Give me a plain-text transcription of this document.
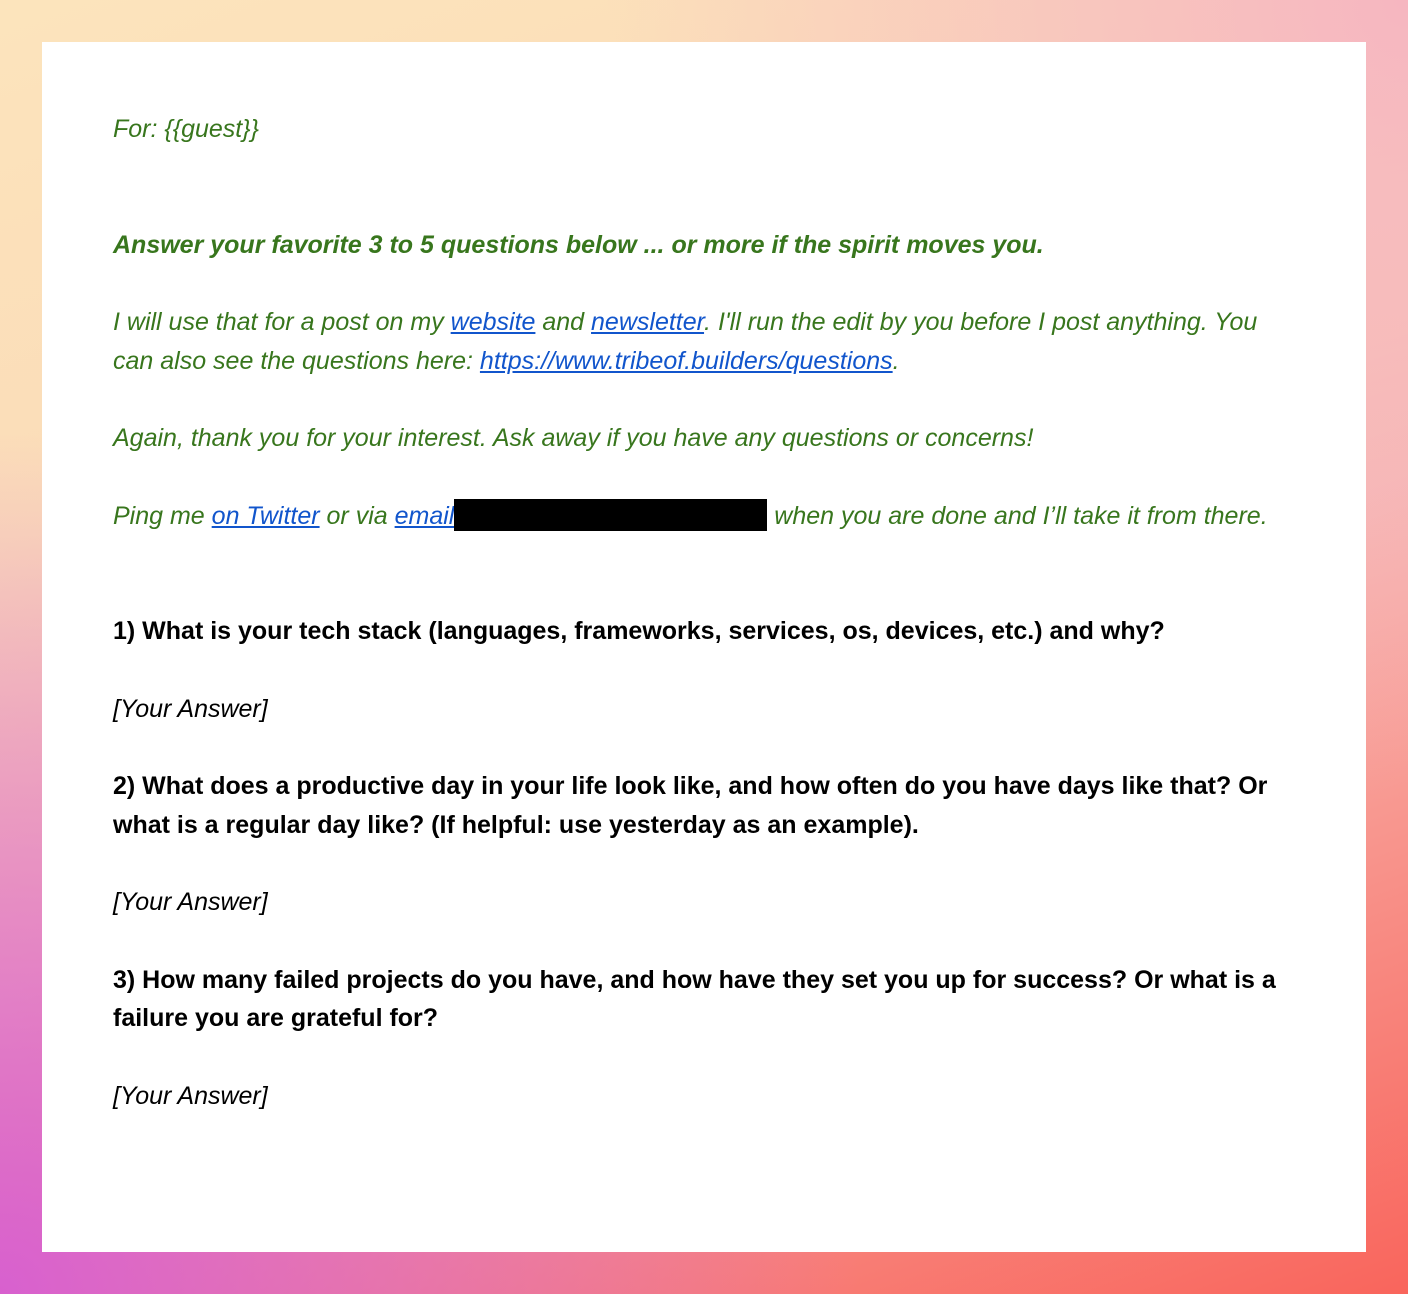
For: {{guest}}

Answer your favorite 3 to 5 questions below ... or more if the spirit moves you.

I will use that for a post on my website and newsletter. I'll run the edit by you before I post anything. You can also see the questions here: https://www.tribeof.builders/questions.

Again, thank you for your interest. Ask away if you have any questions or concerns!

Ping me on Twitter or via email	when you are done and I’ll take it from there.

1) What is your tech stack (languages, frameworks, services, os, devices, etc.) and why?

[Your Answer]

2) What does a productive day in your life look like, and how often do you have days like that? Or what is a regular day like? (If helpful: use yesterday as an example).

[Your Answer]

3) How many failed projects do you have, and how have they set you up for success? Or what is a failure you are grateful for?

[Your Answer]
